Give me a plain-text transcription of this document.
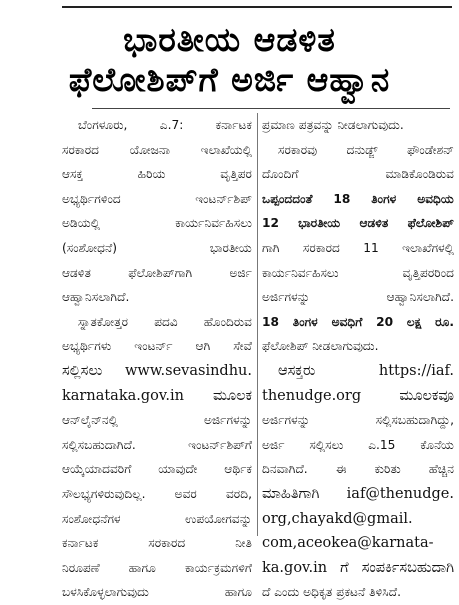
ಭಾರತೀಯ ಆಡಳಿತ
ಫೆಲೋಶಿಪ್‌ಗೆ ಅರ್ಜಿ ಆಹ್ವಾನ
ಬೆಂಗಳೂರು, ಎ.7: ಕರ್ನಾಟಕ
ಸರಕಾರದ ಯೋಜನಾ ಇಲಾಖೆಯಲ್ಲಿ
ಆಸಕ್ತ ಹಿರಿಯ ವೃತ್ತಿಪರ
ಅಭ್ಯರ್ಥಿಗಳಿಂದ ಇಂಟರ್ನ್‌ಶಿಪ್
ಅಡಿಯಲ್ಲಿ ಕಾರ್ಯನಿರ್ವಹಿಸಲು
(ಸಂಶೋಧನೆ) ಭಾರತೀಯ
ಆಡಳಿತ ಫೆಲೋಶಿಪ್‌ಗಾಗಿ ಅರ್ಜಿ
ಆಹ್ವಾನಿಸಲಾಗಿದೆ.
ಸ್ನಾತಕೋತ್ತರ ಪದವಿ ಹೊಂದಿರುವ
ಅಭ್ಯರ್ಥಿಗಳು ಇಂಟರ್ನ್ ಆಗಿ ಸೇವೆ
ಸಲ್ಲಿಸಲು www.sevasindhu.
karnataka.gov.in ಮೂಲಕ
ಆನ್‌ಲೈನ್‌ನಲ್ಲಿ ಅರ್ಜಿಗಳನ್ನು
ಸಲ್ಲಿಸಬಹುದಾಗಿದೆ. ಇಂಟರ್ನ್‌ಶಿಪ್‌ಗೆ
ಆಯ್ಕೆಯಾದವರಿಗೆ ಯಾವುದೇ ಆರ್ಥಿಕ
ಸೌಲಭ್ಯಗಳಿರುವುದಿಲ್ಲ. ಅವರ ವರದಿ,
ಸಂಶೋಧನೆಗಳ ಉಪಯೋಗವನ್ನು
ಕರ್ನಾಟಕ ಸರಕಾರದ ನೀತಿ
ನಿರೂಪಣೆ ಹಾಗೂ ಕಾರ್ಯಕ್ರಮಗಳಿಗೆ
ಬಳಸಿಕೊಳ್ಳಲಾಗುವುದು ಹಾಗೂ
ಪ್ರಮಾಣ ಪತ್ರವನ್ನು ನೀಡಲಾಗುವುದು.
ಸರಕಾರವು ದನುಡ್ಜ್ ಫೌಂಡೇಶನ್
ದೊಂದಿಗೆ ಮಾಡಿಕೊಂಡಿರುವ
ಒಪ್ಪಂದದಂತೆ 18 ತಿಂಗಳ ಅವಧಿಯ
12 ಭಾರತೀಯ ಆಡಳಿತ ಫೆಲೋಶಿಪ್
ಗಾಗಿ ಸರಕಾರದ 11 ಇಲಾಖೆಗಳಲ್ಲಿ
ಕಾರ್ಯನಿರ್ವಹಿಸಲು ವೃತ್ತಿಪರರಿಂದ
ಅರ್ಜಿಗಳನ್ನು ಆಹ್ವಾನಿಸಲಾಗಿದೆ.
18 ತಿಂಗಳ ಅವಧಿಗೆ 20 ಲಕ್ಷ ರೂ.
ಫೆಲೋಶಿಪ್ ನೀಡಲಾಗುವುದು.
ಆಸಕ್ತರು https://iaf.
thenudge.org ಮೂಲಕವೂ
ಅರ್ಜಿಗಳನ್ನು ಸಲ್ಲಿಸಬಹುದಾಗಿದ್ದು,
ಅರ್ಜಿ ಸಲ್ಲಿಸಲು ಎ.15 ಕೊನೆಯ
ದಿನವಾಗಿದೆ. ಈ ಕುರಿತು ಹೆಚ್ಚಿನ
ಮಾಹಿತಿಗಾಗಿ iaf@thenudge.
org,chayakd@gmail.
com,aceokea@karnata-
ka.gov.in ಗೆ ಸಂಪರ್ಕಿಸಬಹುದಾಗಿ
ದೆ ಎಂದು ಅಧಿಕೃತ ಪ್ರಕಟನೆ ತಿಳಿಸಿದೆ.
